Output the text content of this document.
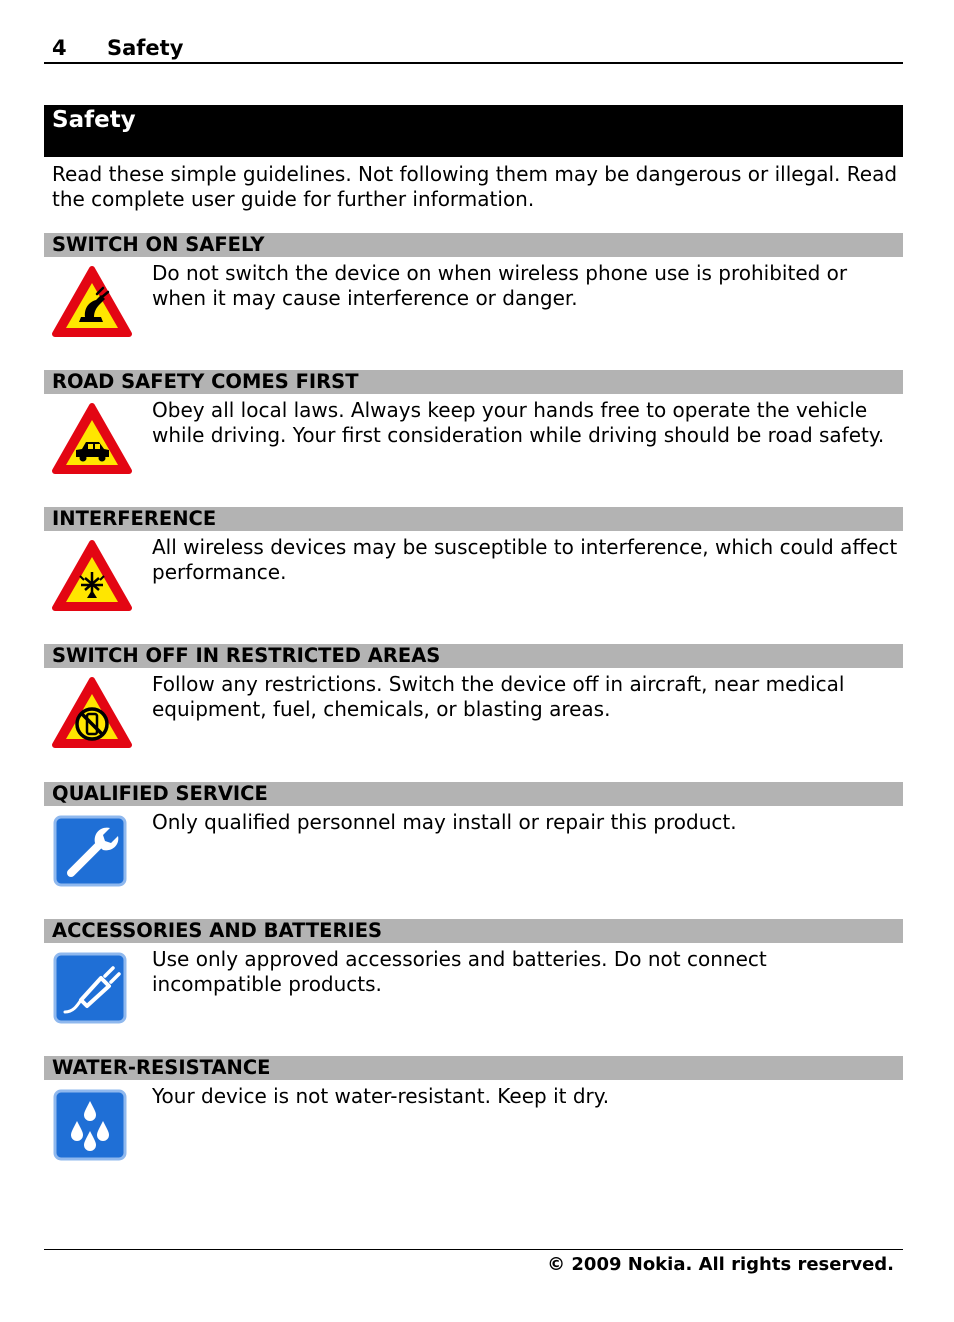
4 Safety
Safety
Read these simple guidelines. Not following them may be dangerous or illegal. Read the complete user guide for further information.
SWITCH ON SAFELY
Do not switch the device on when wireless phone use is prohibited or when it may cause interference or danger.
ROAD SAFETY COMES FIRST
Obey all local laws. Always keep your hands free to operate the vehicle while driving. Your first consideration while driving should be road safety.
INTERFERENCE
All wireless devices may be susceptible to interference, which could affect performance.
SWITCH OFF IN RESTRICTED AREAS
Follow any restrictions. Switch the device off in aircraft, near medical equipment, fuel, chemicals, or blasting areas.
QUALIFIED SERVICE
Only qualified personnel may install or repair this product.
ACCESSORIES AND BATTERIES
Use only approved accessories and batteries. Do not connect incompatible products.
WATER-RESISTANCE
Your device is not water-resistant. Keep it dry.
© 2009 Nokia. All rights reserved.
